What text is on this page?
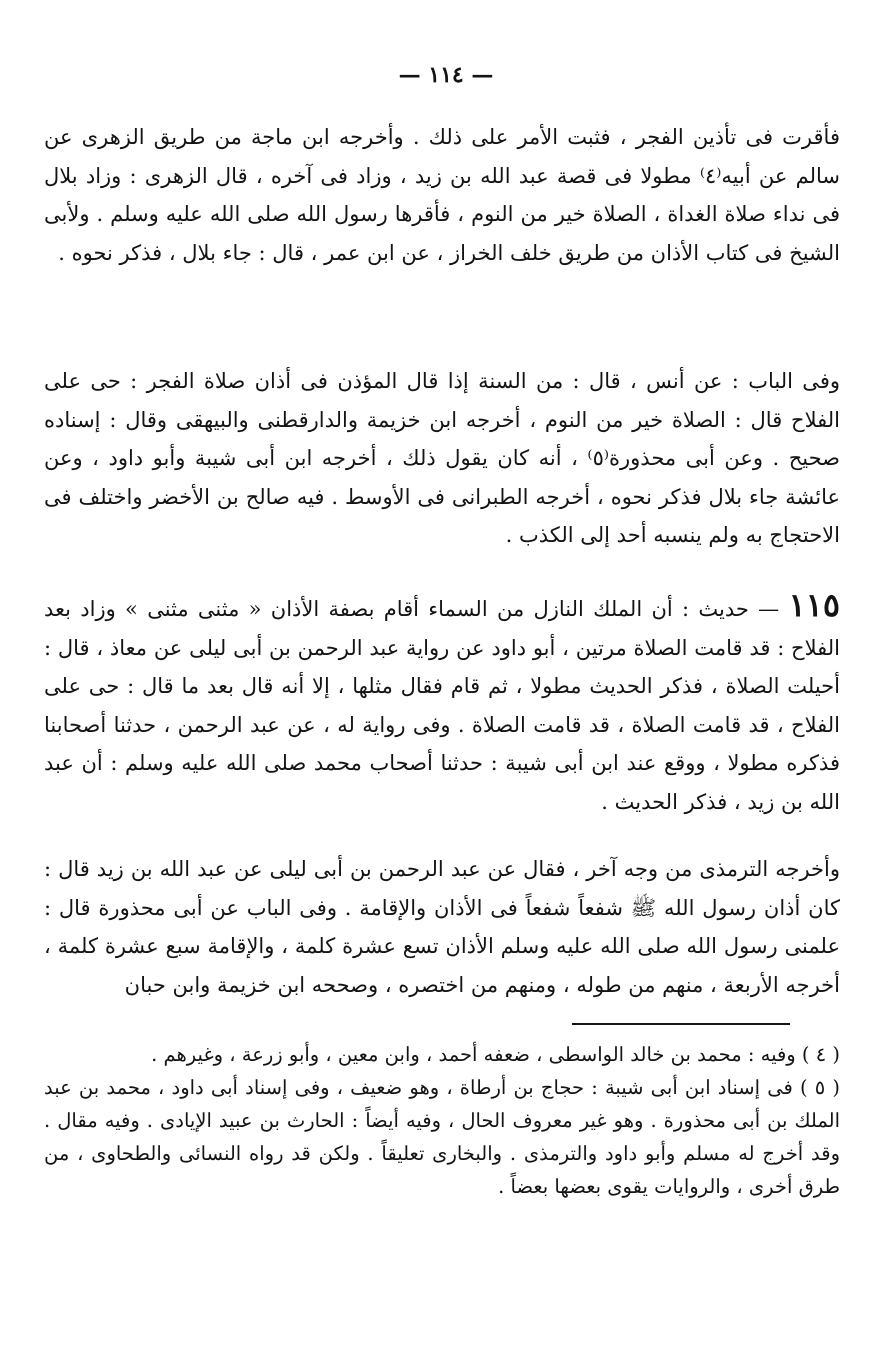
— ١١٤ —
فأقرت فى تأذين الفجر ، فثبت الأمر على ذلك . وأخرجه ابن ماجة من طريق الزهرى عن سالم عن أبيه⁽٤⁾ مطولا فى قصة عبد الله بن زيد ، وزاد فى آخره ، قال الزهرى : وزاد بلال فى نداء صلاة الغداة ، الصلاة خير من النوم ، فأقرها رسول الله صلى الله عليه وسلم . ولأبى الشيخ فى كتاب الأذان من طريق خلف الخراز ، عن ابن عمر ، قال : جاء بلال ، فذكر نحوه .
وفى الباب : عن أنس ، قال : من السنة إذا قال المؤذن فى أذان صلاة الفجر : حى على الفلاح قال : الصلاة خير من النوم ، أخرجه ابن خزيمة والدارقطنى والبيهقى وقال : إسناده صحيح . وعن أبى محذورة⁽٥⁾ ، أنه كان يقول ذلك ، أخرجه ابن أبى شيبة وأبو داود ، وعن عائشة جاء بلال فذكر نحوه ، أخرجه الطبرانى فى الأوسط . فيه صالح بن الأخضر واختلف فى الاحتجاج به ولم ينسبه أحد إلى الكذب .
١١٥ — حديث : أن الملك النازل من السماء أقام بصفة الأذان « مثنى مثنى » وزاد بعد الفلاح : قد قامت الصلاة مرتين ، أبو داود عن رواية عبد الرحمن بن أبى ليلى عن معاذ ، قال : أحيلت الصلاة ، فذكر الحديث مطولا ، ثم قام فقال مثلها ، إلا أنه قال بعد ما قال : حى على الفلاح ، قد قامت الصلاة ، قد قامت الصلاة . وفى رواية له ، عن عبد الرحمن ، حدثنا أصحابنا فذكره مطولا ، ووقع عند ابن أبى شيبة : حدثنا أصحاب محمد صلى الله عليه وسلم : أن عبد الله بن زيد ، فذكر الحديث .
وأخرجه الترمذى من وجه آخر ، فقال عن عبد الرحمن بن أبى ليلى عن عبد الله بن زيد قال : كان أذان رسول الله ﷺ شفعاً شفعاً فى الأذان والإقامة . وفى الباب عن أبى محذورة قال : علمنى رسول الله صلى الله عليه وسلم الأذان تسع عشرة كلمة ، والإقامة سبع عشرة كلمة ، أخرجه الأربعة ، منهم من طوله ، ومنهم من اختصره ، وصححه ابن خزيمة وابن حبان

( ٤ ) وفيه : محمد بن خالد الواسطى ، ضعفه أحمد ، وابن معين ، وأبو زرعة ، وغيرهم .

( ٥ ) فى إسناد ابن أبى شيبة : حجاج بن أرطاة ، وهو ضعيف ، وفى إسناد أبى داود ، محمد بن عبد الملك بن أبى محذورة . وهو غير معروف الحال ، وفيه أيضاً : الحارث بن عبيد الإيادى . وفيه مقال . وقد أخرج له مسلم وأبو داود والترمذى . والبخارى تعليقاً . ولكن قد رواه النسائى والطحاوى ، من طرق أخرى ، والروايات يقوى بعضها بعضاً .
